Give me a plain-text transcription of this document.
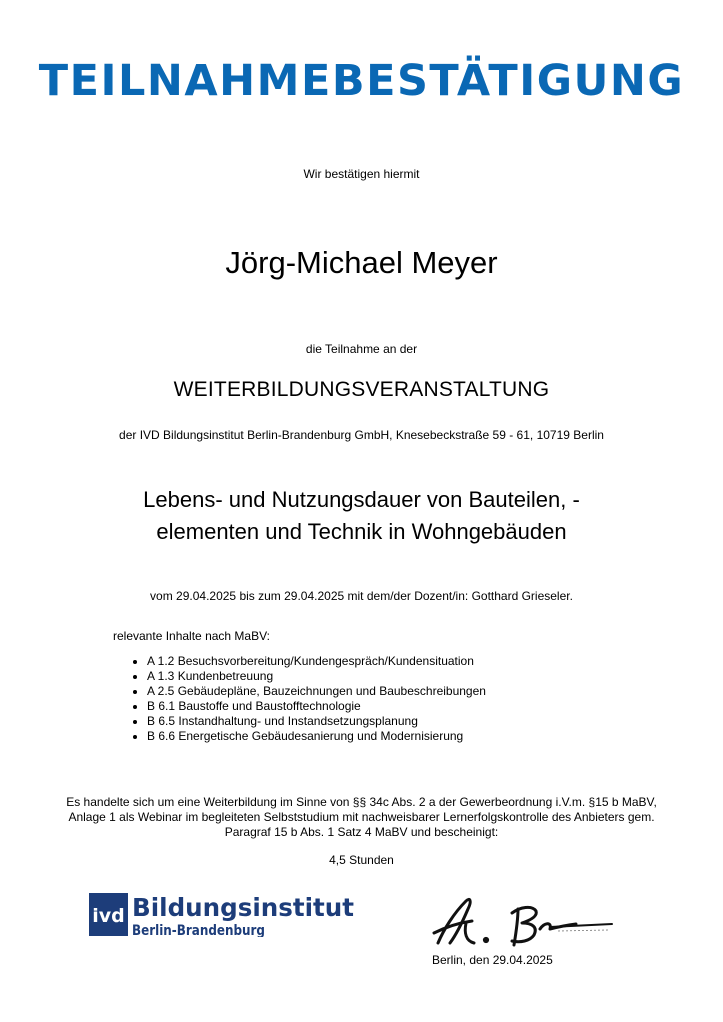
TEILNAHMEBESTÄTIGUNG
Wir bestätigen hiermit
Jörg-Michael Meyer
die Teilnahme an der
WEITERBILDUNGSVERANSTALTUNG
der IVD Bildungsinstitut Berlin-Brandenburg GmbH, Knesebeckstraße 59 - 61, 10719 Berlin
Lebens- und Nutzungsdauer von Bauteilen, -
elementen und Technik in Wohngebäuden
vom 29.04.2025 bis zum 29.04.2025 mit dem/der Dozent/in: Gotthard Grieseler.
relevante Inhalte nach MaBV:
• A 1.2 Besuchsvorbereitung/Kundengespräch/Kundensituation
• A 1.3 Kundenbetreuung
• A 2.5 Gebäudepläne, Bauzeichnungen und Baubeschreibungen
• B 6.1 Baustoffe und Baustofftechnologie
• B 6.5 Instandhaltung- und Instandsetzungsplanung
• B 6.6 Energetische Gebäudesanierung und Modernisierung
Es handelte sich um eine Weiterbildung im Sinne von §§ 34c Abs. 2 a der Gewerbeordnung i.V.m. §15 b MaBV,
Anlage 1 als Webinar im begleiteten Selbststudium mit nachweisbarer Lernerfolgskontrolle des Anbieters gem.
Paragraf 15 b Abs. 1 Satz 4 MaBV und bescheinigt:
4,5 Stunden
ivd Bildungsinstitut
Berlin-Brandenburg
Berlin, den 29.04.2025
